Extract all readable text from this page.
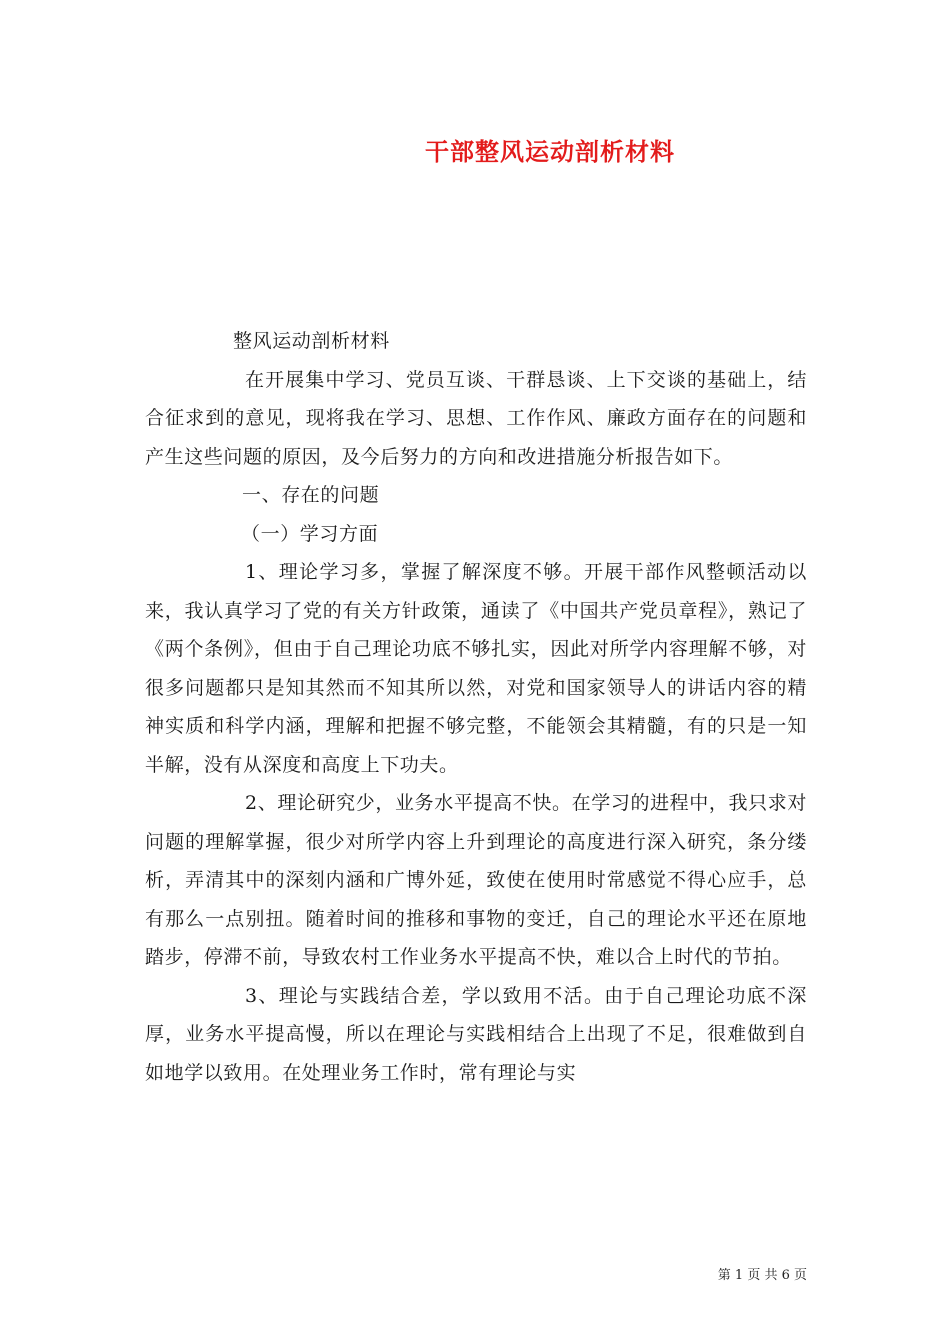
干部整风运动剖析材料

整风运动剖析材料

在开展集中学习、党员互谈、干群恳谈、上下交谈的基础上，结合征求到的意见，现将我在学习、思想、工作作风、廉政方面存在的问题和产生这些问题的原因，及今后努力的方向和改进措施分析报告如下。

一、存在的问题

（一）学习方面

1、理论学习多，掌握了解深度不够。开展干部作风整顿活动以来，我认真学习了党的有关方针政策，通读了《中国共产党员章程》，熟记了《两个条例》，但由于自己理论功底不够扎实，因此对所学内容理解不够，对很多问题都只是知其然而不知其所以然，对党和国家领导人的讲话内容的精神实质和科学内涵，理解和把握不够完整，不能领会其精髓，有的只是一知半解，没有从深度和高度上下功夫。

2、理论研究少，业务水平提高不快。在学习的进程中，我只求对问题的理解掌握，很少对所学内容上升到理论的高度进行深入研究，条分缕析，弄清其中的深刻内涵和广博外延，致使在使用时常感觉不得心应手，总有那么一点别扭。随着时间的推移和事物的变迁，自己的理论水平还在原地踏步，停滞不前，导致农村工作业务水平提高不快，难以合上时代的节拍。

3、理论与实践结合差，学以致用不活。由于自己理论功底不深厚，业务水平提高慢，所以在理论与实践相结合上出现了不足，很难做到自如地学以致用。在处理业务工作时，常有理论与实

第 1 页 共 6 页
